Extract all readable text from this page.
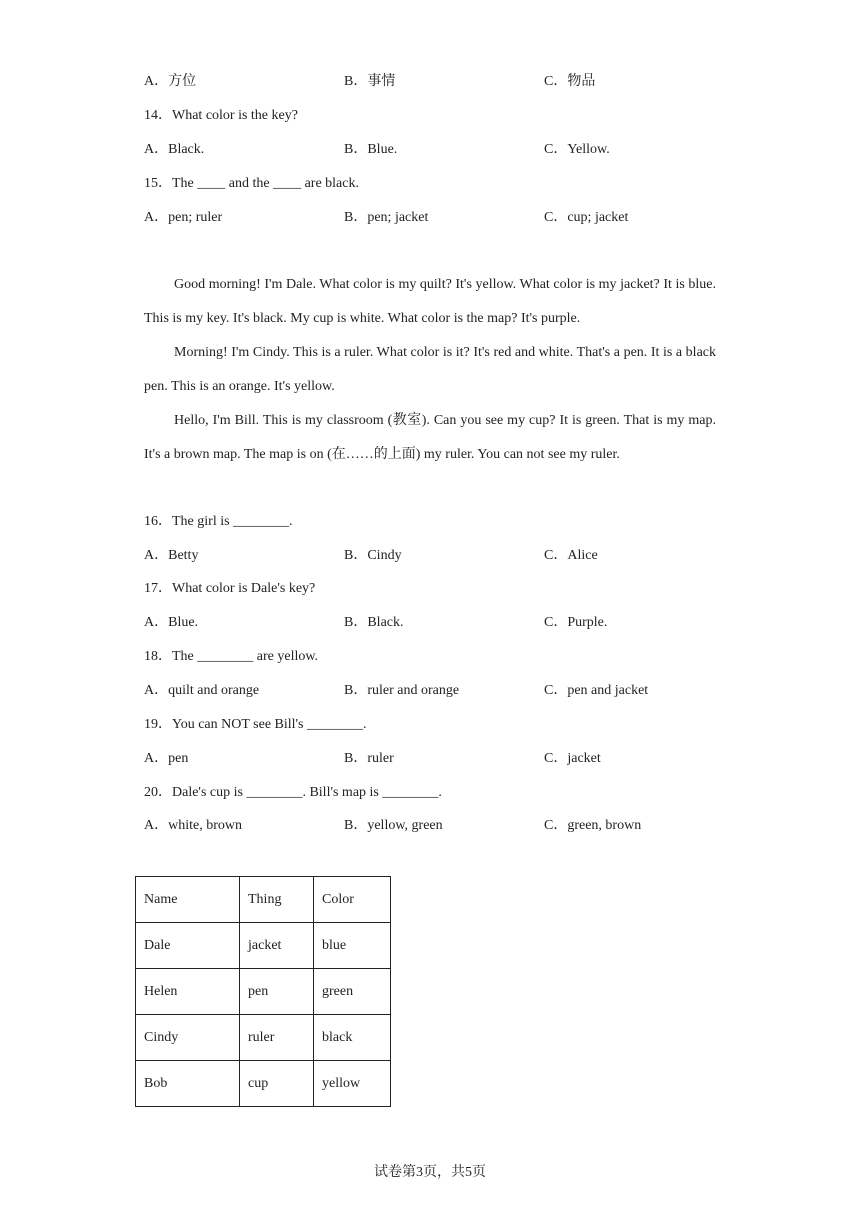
A．方位	B．事情	C．物品
14．What color is the key?
A．Black.	B．Blue.	C．Yellow.
15．The ____ and the ____ are black.
A．pen; ruler	B．pen; jacket	C．cup; jacket
Good morning! I'm Dale. What color is my quilt? It's yellow. What color is my jacket? It is blue. This is my key. It's black. My cup is white. What color is the map? It's purple.
Morning! I'm Cindy. This is a ruler. What color is it? It's red and white. That's a pen. It is a black pen. This is an orange. It's yellow.
Hello, I'm Bill. This is my classroom (教室). Can you see my cup? It is green. That is my map. It's a brown map. The map is on (在……的上面) my ruler. You can not see my ruler.
16．The girl is ________.
A．Betty	B．Cindy	C．Alice
17．What color is Dale's key?
A．Blue.	B．Black.	C．Purple.
18．The ________ are yellow.
A．quilt and orange	B．ruler and orange	C．pen and jacket
19．You can NOT see Bill's ________.
A．pen	B．ruler	C．jacket
20．Dale's cup is ________. Bill's map is ________.
A．white, brown	B．yellow, green	C．green, brown
Name	Thing	Color
Dale	jacket	blue
Helen	pen	green
Cindy	ruler	black
Bob	cup	yellow
试卷第3页，共5页
